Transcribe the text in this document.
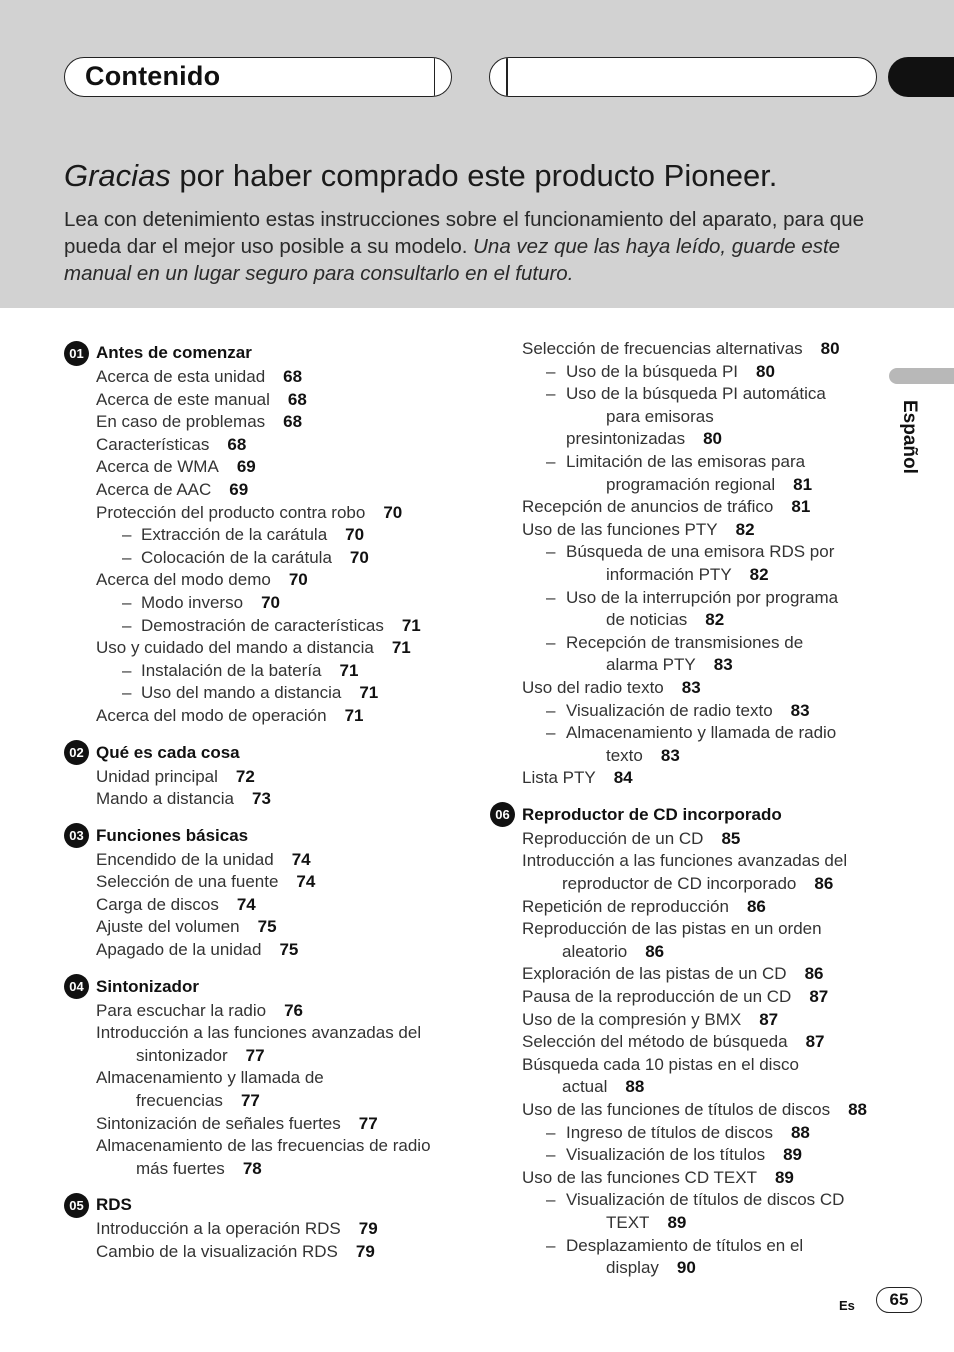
Contenido
Gracias por haber comprado este producto Pioneer.
Lea con detenimiento estas instrucciones sobre el funcionamiento del aparato, para que pueda dar el mejor uso posible a su modelo. Una vez que las haya leído, guarde este manual en un lugar seguro para consultarlo en el futuro.
Español
01 Antes de comenzar
Acerca de esta unidad 68
Acerca de este manual 68
En caso de problemas 68
Características 68
Acerca de WMA 69
Acerca de AAC 69
Protección del producto contra robo 70
– Extracción de la carátula 70
– Colocación de la carátula 70
Acerca del modo demo 70
– Modo inverso 70
– Demostración de características 71
Uso y cuidado del mando a distancia 71
– Instalación de la batería 71
– Uso del mando a distancia 71
Acerca del modo de operación 71
02 Qué es cada cosa
Unidad principal 72
Mando a distancia 73
03 Funciones básicas
Encendido de la unidad 74
Selección de una fuente 74
Carga de discos 74
Ajuste del volumen 75
Apagado de la unidad 75
04 Sintonizador
Para escuchar la radio 76
Introducción a las funciones avanzadas del
sintonizador 77
Almacenamiento y llamada de
frecuencias 77
Sintonización de señales fuertes 77
Almacenamiento de las frecuencias de radio
más fuertes 78
05 RDS
Introducción a la operación RDS 79
Cambio de la visualización RDS 79
Selección de frecuencias alternativas 80
– Uso de la búsqueda PI 80
– Uso de la búsqueda PI automática
para emisoras presintonizadas 80
– Limitación de las emisoras para
programación regional 81
Recepción de anuncios de tráfico 81
Uso de las funciones PTY 82
– Búsqueda de una emisora RDS por
información PTY 82
– Uso de la interrupción por programa
de noticias 82
– Recepción de transmisiones de
alarma PTY 83
Uso del radio texto 83
– Visualización de radio texto 83
– Almacenamiento y llamada de radio
texto 83
Lista PTY 84
06 Reproductor de CD incorporado
Reproducción de un CD 85
Introducción a las funciones avanzadas del
reproductor de CD incorporado 86
Repetición de reproducción 86
Reproducción de las pistas en un orden
aleatorio 86
Exploración de las pistas de un CD 86
Pausa de la reproducción de un CD 87
Uso de la compresión y BMX 87
Selección del método de búsqueda 87
Búsqueda cada 10 pistas en el disco
actual 88
Uso de las funciones de títulos de discos 88
– Ingreso de títulos de discos 88
– Visualización de los títulos 89
Uso de las funciones CD TEXT 89
– Visualización de títulos de discos CD
TEXT 89
– Desplazamiento de títulos en el
display 90
Es	65
